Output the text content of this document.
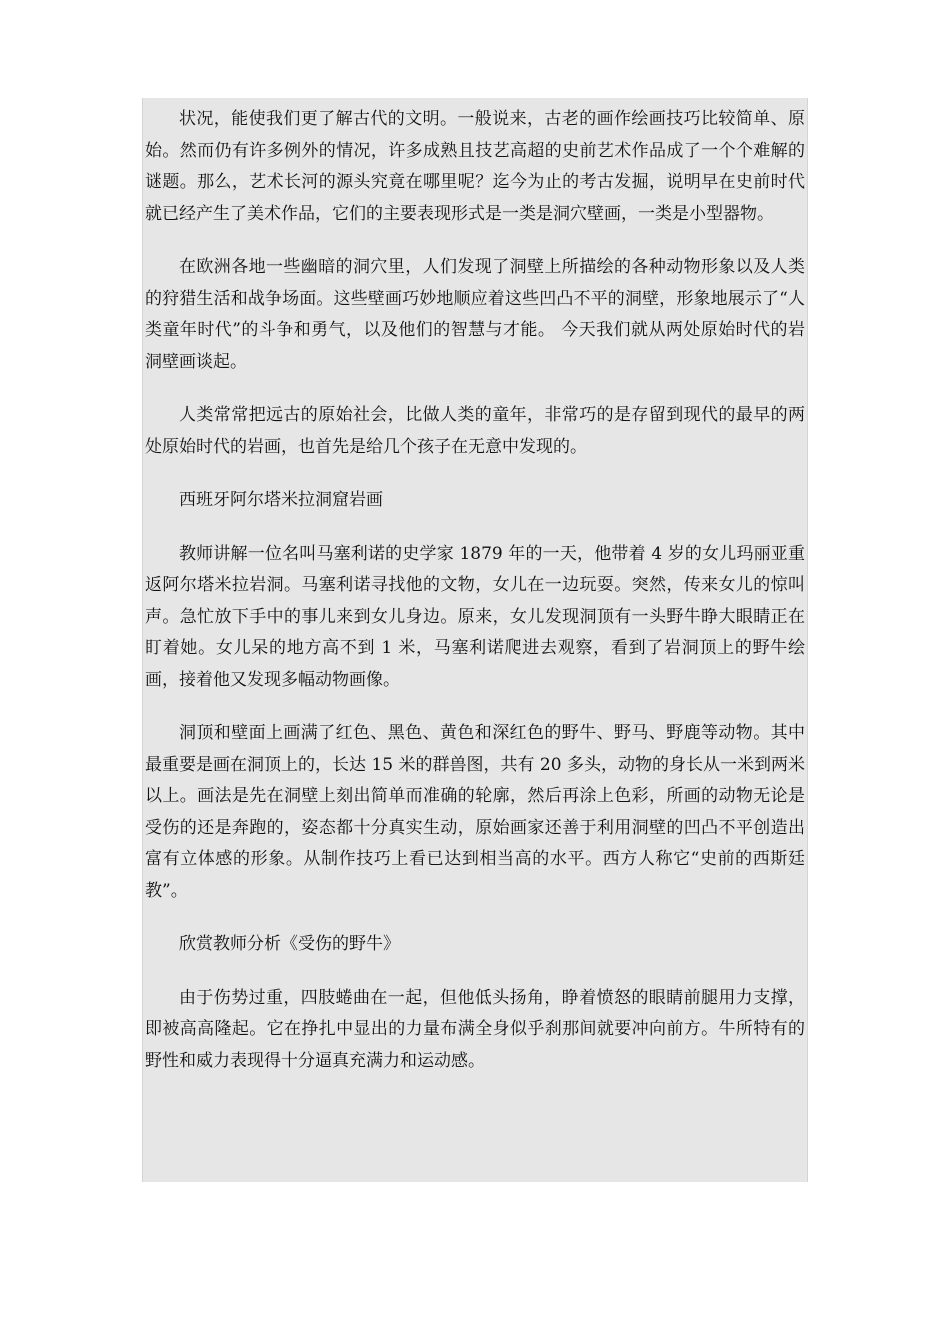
状况，能使我们更了解古代的文明。一般说来，古老的画作绘画技巧比较简单、原始。然而仍有许多例外的情况，许多成熟且技艺高超的史前艺术作品成了一个个难解的谜题。那么，艺术长河的源头究竟在哪里呢？迄今为止的考古发掘，说明早在史前时代就已经产生了美术作品，它们的主要表现形式是一类是洞穴壁画，一类是小型器物。

在欧洲各地一些幽暗的洞穴里，人们发现了洞壁上所描绘的各种动物形象以及人类的狩猎生活和战争场面。这些壁画巧妙地顺应着这些凹凸不平的洞壁，形象地展示了“人类童年时代”的斗争和勇气，以及他们的智慧与才能。 今天我们就从两处原始时代的岩洞壁画谈起。

人类常常把远古的原始社会，比做人类的童年，非常巧的是存留到现代的最早的两处原始时代的岩画，也首先是给几个孩子在无意中发现的。

西班牙阿尔塔米拉洞窟岩画

教师讲解一位名叫马塞利诺的史学家 1879 年的一天，他带着 4 岁的女儿玛丽亚重返阿尔塔米拉岩洞。马塞利诺寻找他的文物，女儿在一边玩耍。突然，传来女儿的惊叫声。急忙放下手中的事儿来到女儿身边。原来，女儿发现洞顶有一头野牛睁大眼睛正在盯着她。女儿呆的地方高不到 1 米，马塞利诺爬进去观察，看到了岩洞顶上的野牛绘画，接着他又发现多幅动物画像。

洞顶和壁面上画满了红色、黑色、黄色和深红色的野牛、野马、野鹿等动物。其中最重要是画在洞顶上的，长达 15 米的群兽图，共有 20 多头，动物的身长从一米到两米以上。画法是先在洞壁上刻出简单而准确的轮廓，然后再涂上色彩，所画的动物无论是受伤的还是奔跑的，姿态都十分真实生动，原始画家还善于利用洞壁的凹凸不平创造出富有立体感的形象。从制作技巧上看已达到相当高的水平。西方人称它“史前的西斯廷教”。

欣赏教师分析《受伤的野牛》

由于伤势过重，四肢蜷曲在一起，但他低头扬角，睁着愤怒的眼睛前腿用力支撑，即被高高隆起。它在挣扎中显出的力量布满全身似乎刹那间就要冲向前方。牛所特有的野性和威力表现得十分逼真充满力和运动感。
